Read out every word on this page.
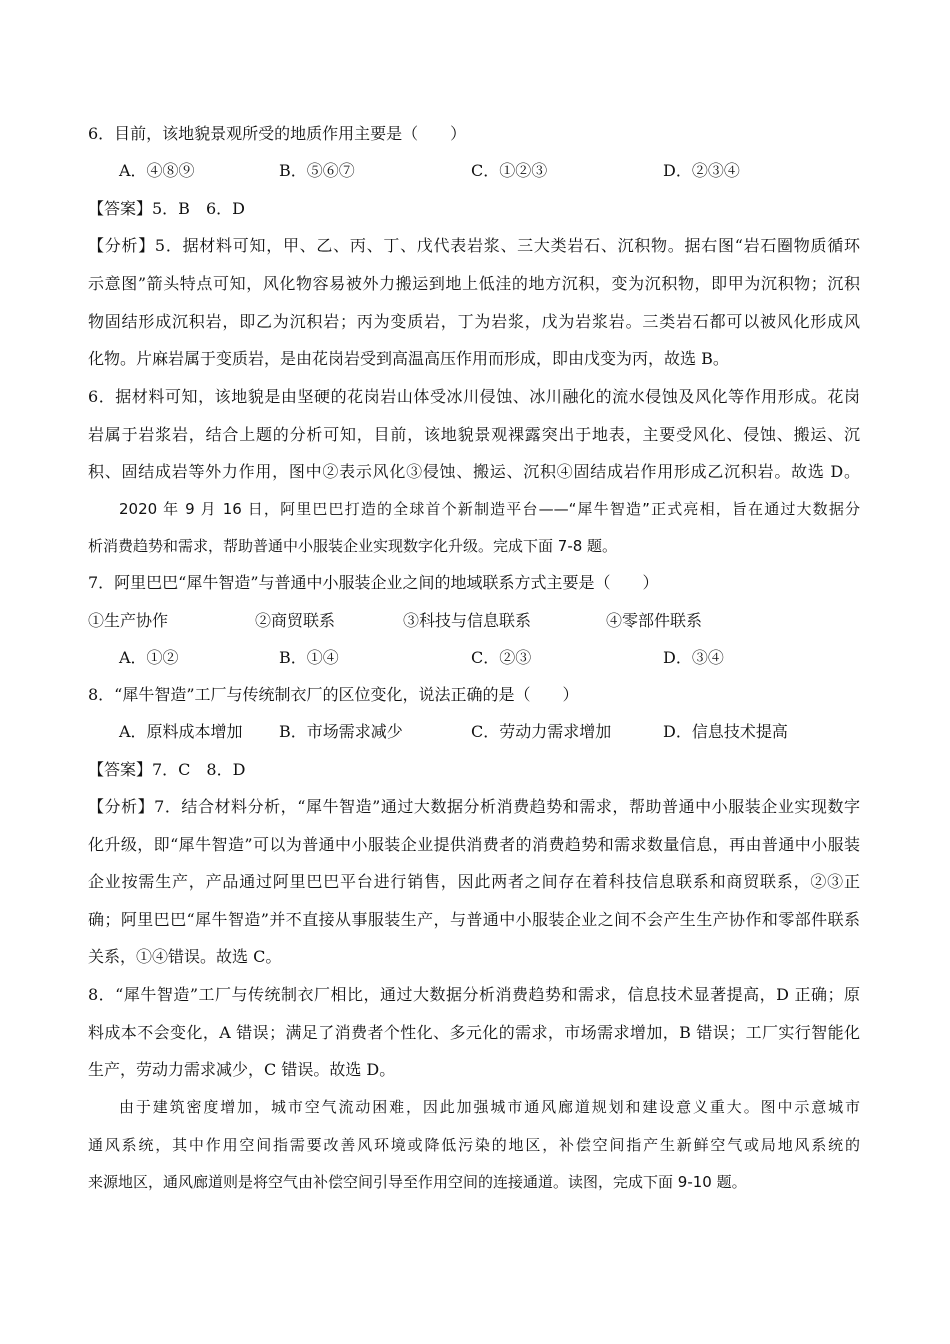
6．目前，该地貌景观所受的地质作用主要是（　　）
A．④⑧⑨	B．⑤⑥⑦	C．①②③	D．②③④
【答案】5．B　6．D
【分析】5．据材料可知，甲、乙、丙、丁、戊代表岩浆、三大类岩石、沉积物。据右图“岩石圈物质循环
示意图”箭头特点可知，风化物容易被外力搬运到地上低洼的地方沉积，变为沉积物，即甲为沉积物；沉积
物固结形成沉积岩，即乙为沉积岩；丙为变质岩，丁为岩浆，戊为岩浆岩。三类岩石都可以被风化形成风
化物。片麻岩属于变质岩，是由花岗岩受到高温高压作用而形成，即由戊变为丙，故选 B。
6．据材料可知，该地貌是由坚硬的花岗岩山体受冰川侵蚀、冰川融化的流水侵蚀及风化等作用形成。花岗
岩属于岩浆岩，结合上题的分析可知，目前，该地貌景观裸露突出于地表，主要受风化、侵蚀、搬运、沉
积、固结成岩等外力作用，图中②表示风化③侵蚀、搬运、沉积④固结成岩作用形成乙沉积岩。故选 D。
2020 年 9 月 16 日，阿里巴巴打造的全球首个新制造平台——“犀牛智造”正式亮相，旨在通过大数据分
析消费趋势和需求，帮助普通中小服装企业实现数字化升级。完成下面 7-8 题。
7．阿里巴巴“犀牛智造”与普通中小服装企业之间的地域联系方式主要是（　　）
①生产协作	②商贸联系	③科技与信息联系	④零部件联系
A．①②	B．①④	C．②③	D．③④
8．“犀牛智造”工厂与传统制衣厂的区位变化，说法正确的是（　　）
A．原料成本增加 B．市场需求减少	C．劳动力需求增加	D．信息技术提高
【答案】7．C　8．D
【分析】7．结合材料分析，“犀牛智造”通过大数据分析消费趋势和需求，帮助普通中小服装企业实现数字
化升级，即“犀牛智造”可以为普通中小服装企业提供消费者的消费趋势和需求数量信息，再由普通中小服装
企业按需生产，产品通过阿里巴巴平台进行销售，因此两者之间存在着科技信息联系和商贸联系，②③正
确；阿里巴巴“犀牛智造”并不直接从事服装生产，与普通中小服装企业之间不会产生生产协作和零部件联系
关系，①④错误。故选 C。
8．“犀牛智造”工厂与传统制衣厂相比，通过大数据分析消费趋势和需求，信息技术显著提高，D 正确；原
料成本不会变化，A 错误；满足了消费者个性化、多元化的需求，市场需求增加，B 错误；工厂实行智能化
生产，劳动力需求减少，C 错误。故选 D。
由于建筑密度增加，城市空气流动困难，因此加强城市通风廊道规划和建设意义重大。图中示意城市
通风系统，其中作用空间指需要改善风环境或降低污染的地区，补偿空间指产生新鲜空气或局地风系统的
来源地区，通风廊道则是将空气由补偿空间引导至作用空间的连接通道。读图，完成下面 9-10 题。
